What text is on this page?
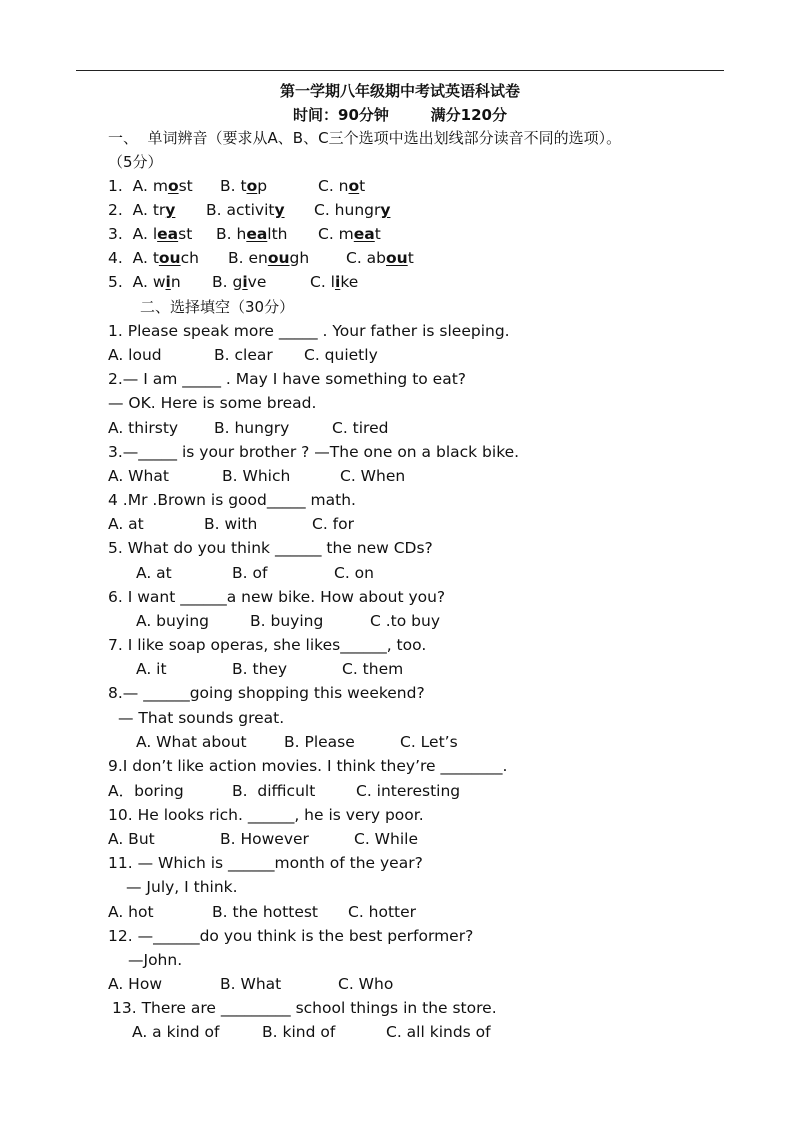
第一学期八年级期中考试英语科试卷
时间：90分钟        满分120分
一、  单词辨音（要求从A、B、C三个选项中选出划线部分读音不同的选项）。
（5分）
1.  A. most B. top	C. not
2.  A. try B. activity C. hungry
3.  A. least B. health C. meat
4.  A. touch B. enough C. about
5.  A. win B. give	C. like
二、选择填空（30分）
1. Please speak more _____ . Your father is sleeping.
A. loud	B. clear C. quietly
2.— I am _____ . May I have something to eat?
— OK. Here is some bread.
A. thirsty B. hungry	C. tired
3.—_____ is your brother ? —The one on a black bike.
A. What	B. Which	C. When
4 .Mr .Brown is good_____ math.
A. at	B. with	C. for
5. What do you think ______ the new CDs?
A. at	B. of	C. on
6. I want ______a new bike. How about you?
A. buying	B. buying	C .to buy
7. I like soap operas, she likes______, too.
A. it	B. they	C. them
8.— ______going shopping this weekend?
— That sounds great.
A. What about B. Please	C. Let’s
9.I don’t like action movies. I think they’re ________.
A．boring	B.  difficult	C. interesting
10. He looks rich. ______, he is very poor.
A. But	B. However	C. While
11. — Which is ______month of the year?
— July, I think.
A. hot	B. the hottest C. hotter
12. —______do you think is the best performer?
—John.
A. How	B. What	C. Who
13. There are _________ school things in the store.
A. a kind of	B. kind of	C. all kinds of
